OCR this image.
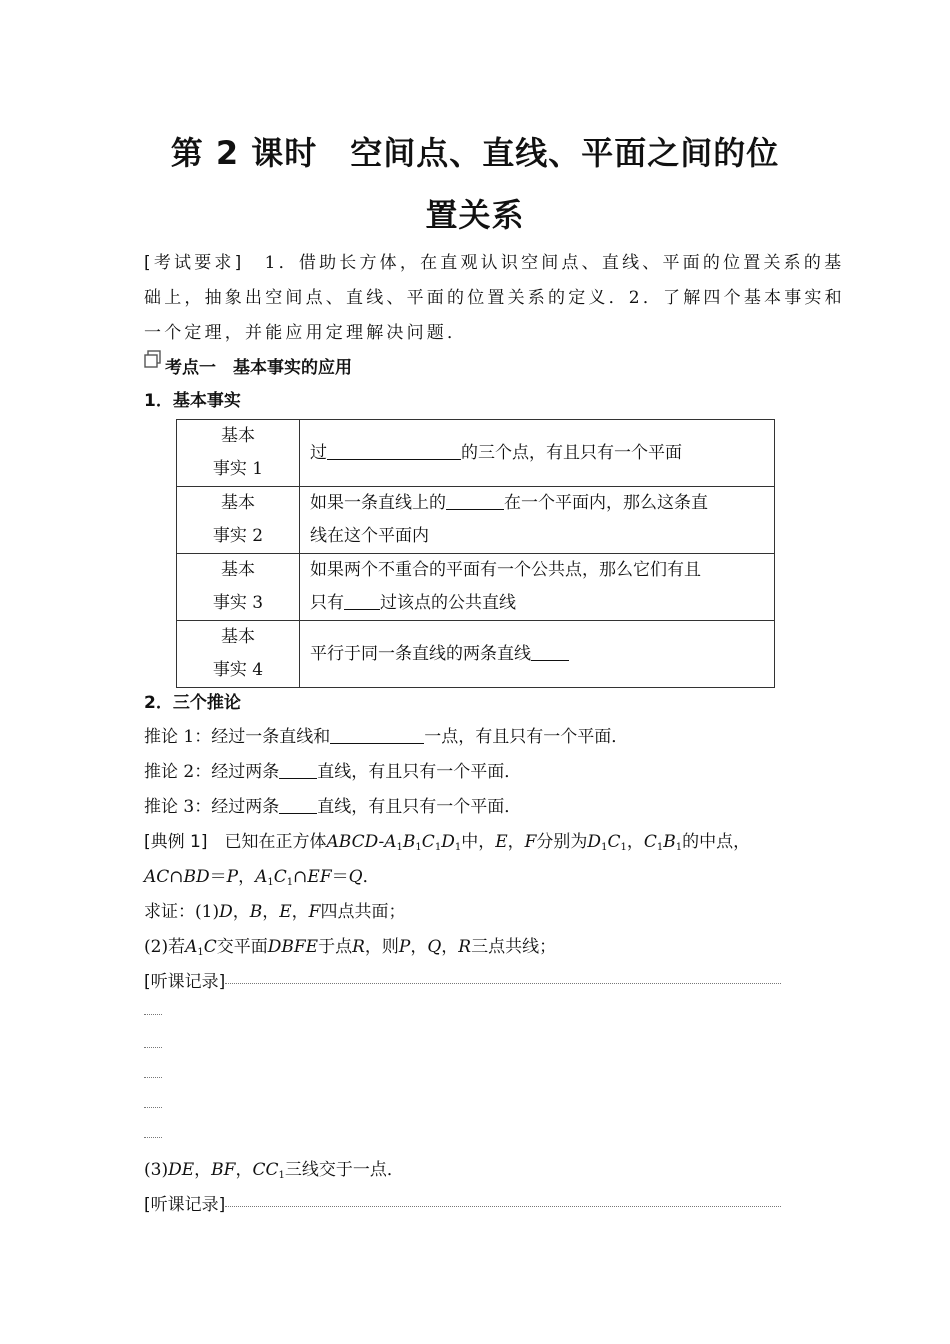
第 2 课时　空间点、直线、平面之间的位
置关系
[考试要求]　1．借助长方体，在直观认识空间点、直线、平面的位置关系的基
础上，抽象出空间点、直线、平面的位置关系的定义．2．了解四个基本事实和
一个定理，并能应用定理解决问题．
考点一　基本事实的应用
1．基本事实
基本
事实 1	过 的三个点，有且只有一个平面
基本
事实 2	如果一条直线上的 在一个平面内，那么这条直
线在这个平面内
基本
事实 3	如果两个不重合的平面有一个公共点，那么它们有且
只有 过该点的公共直线
基本
事实 4	平行于同一条直线的两条直线
2．三个推论
推论 1：经过一条直线和	一点，有且只有一个平面．
推论 2：经过两条 直线，有且只有一个平面．
推论 3：经过两条 直线，有且只有一个平面．
[典例 1]　已知在正方体ABCD-$A_1B_1C_1D_1$中，E，F分别为$D_1C_1$，$C_1B_1$的中点，
AC∩BD＝P，$A_1C_1\cap EF=Q$．
求证：(1)D，B，E，F四点共面；
(2)若$A_1C$交平面DBFE于点R，则P，Q，R三点共线；
[听课记录]
(3)DE，BF，$CC_1$三线交于一点．
[听课记录]
